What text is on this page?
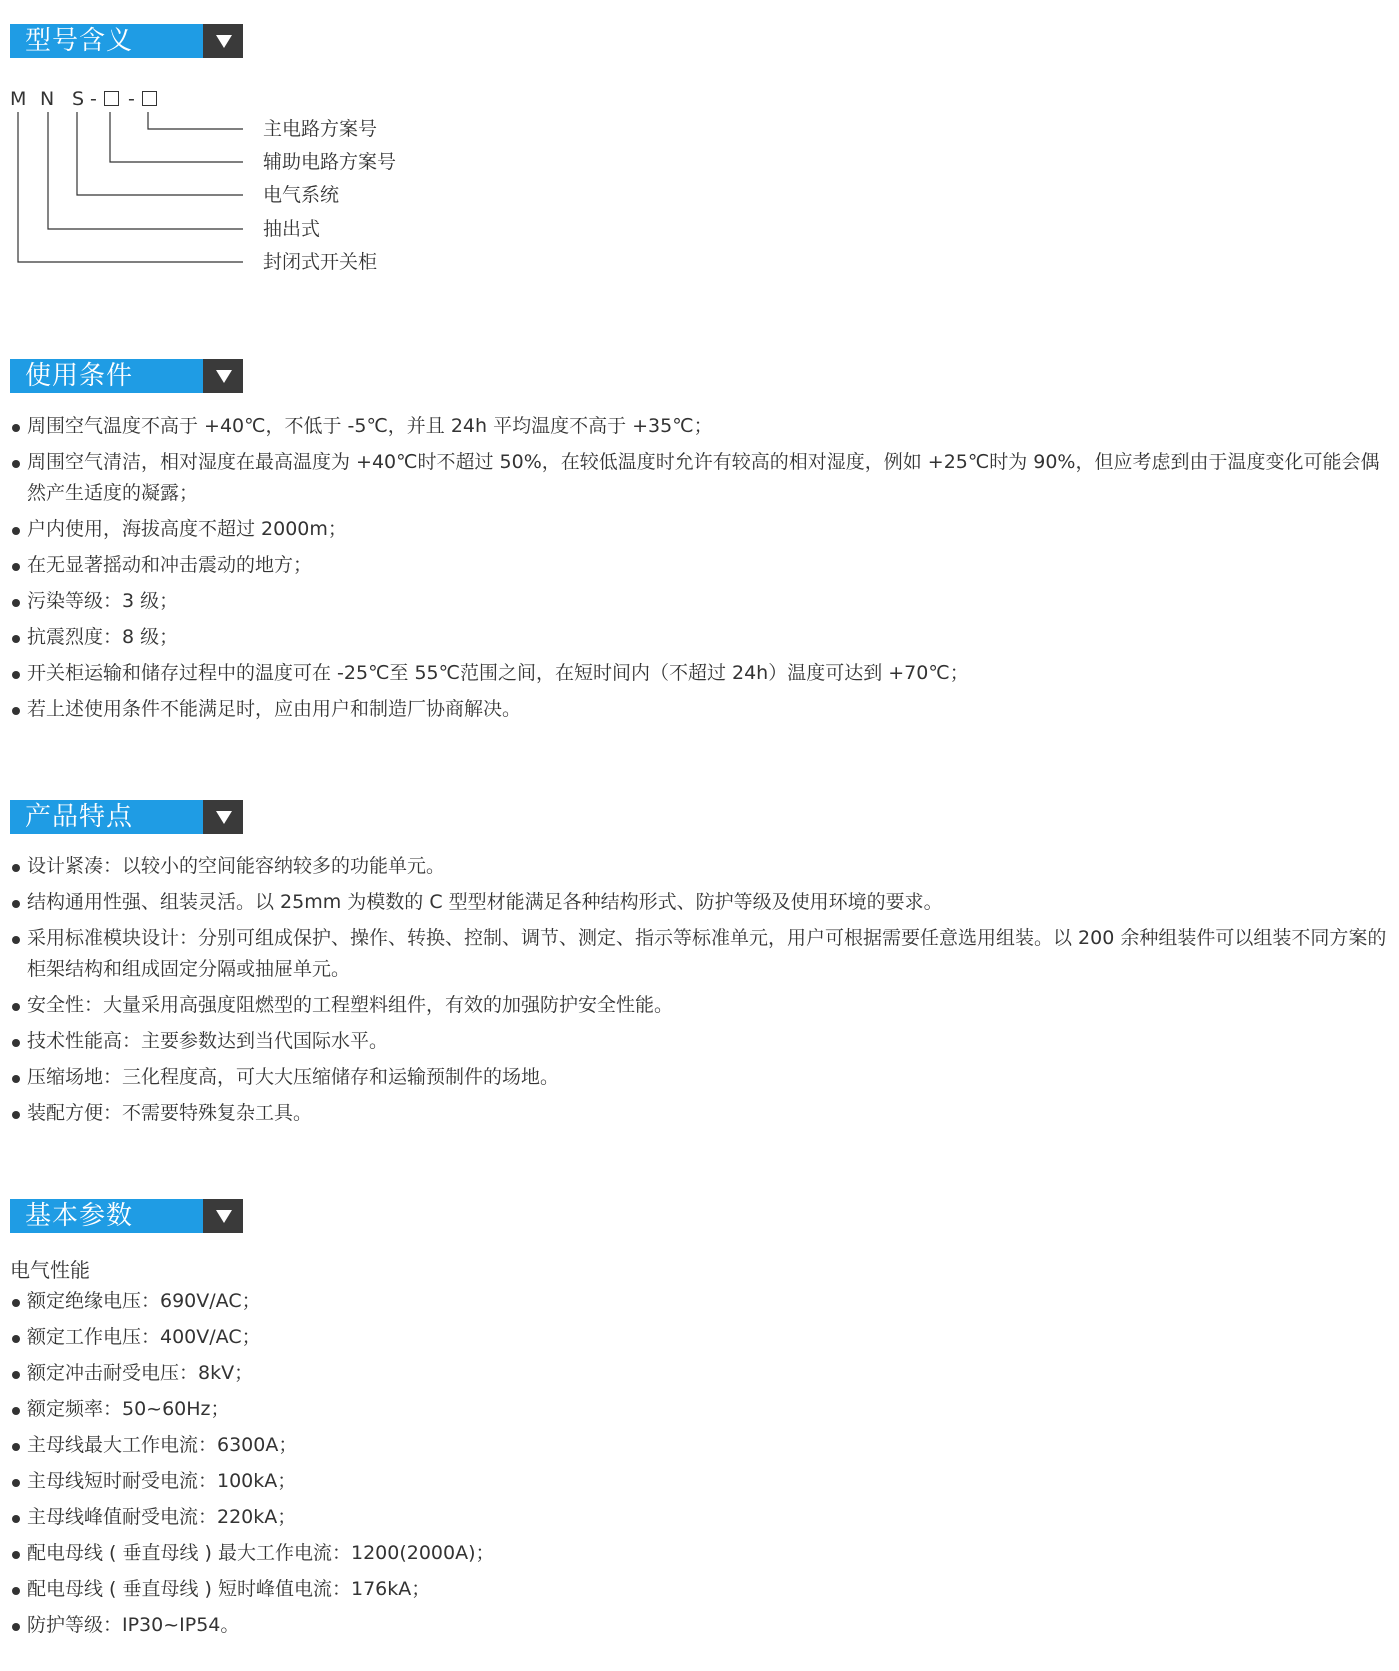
型号含义
M N S - -
主电路方案号
辅助电路方案号
电气系统
抽出式
封闭式开关柜
使用条件
周围空气温度不高于 +40℃，不低于 -5℃，并且 24h 平均温度不高于 +35℃；
周围空气清洁，相对湿度在最高温度为 +40℃时不超过 50%，在较低温度时允许有较高的相对湿度，例如 +25℃时为 90%，但应考虑到由于温度变化可能会偶然产生适度的凝露；
户内使用，海拔高度不超过 2000m；
在无显著摇动和冲击震动的地方；
污染等级：3 级；
抗震烈度：8 级；
开关柜运输和储存过程中的温度可在 -25℃至 55℃范围之间，在短时间内（不超过 24h）温度可达到 +70℃；
若上述使用条件不能满足时，应由用户和制造厂协商解决。
产品特点
设计紧凑：以较小的空间能容纳较多的功能单元。
结构通用性强、组装灵活。以 25mm 为模数的 C 型型材能满足各种结构形式、防护等级及使用环境的要求。
采用标准模块设计：分别可组成保护、操作、转换、控制、调节、测定、指示等标准单元，用户可根据需要任意选用组装。以 200 余种组装件可以组装不同方案的柜架结构和组成固定分隔或抽屉单元。
安全性：大量采用高强度阻燃型的工程塑料组件，有效的加强防护安全性能。
技术性能高：主要参数达到当代国际水平。
压缩场地：三化程度高，可大大压缩储存和运输预制件的场地。
装配方便：不需要特殊复杂工具。
基本参数
电气性能
额定绝缘电压：690V/AC；
额定工作电压：400V/AC；
额定冲击耐受电压：8kV；
额定频率：50~60Hz；
主母线最大工作电流：6300A；
主母线短时耐受电流：100kA；
主母线峰值耐受电流：220kA；
配电母线 ( 垂直母线 ) 最大工作电流：1200(2000A)；
配电母线 ( 垂直母线 ) 短时峰值电流：176kA；
防护等级：IP30~IP54。
